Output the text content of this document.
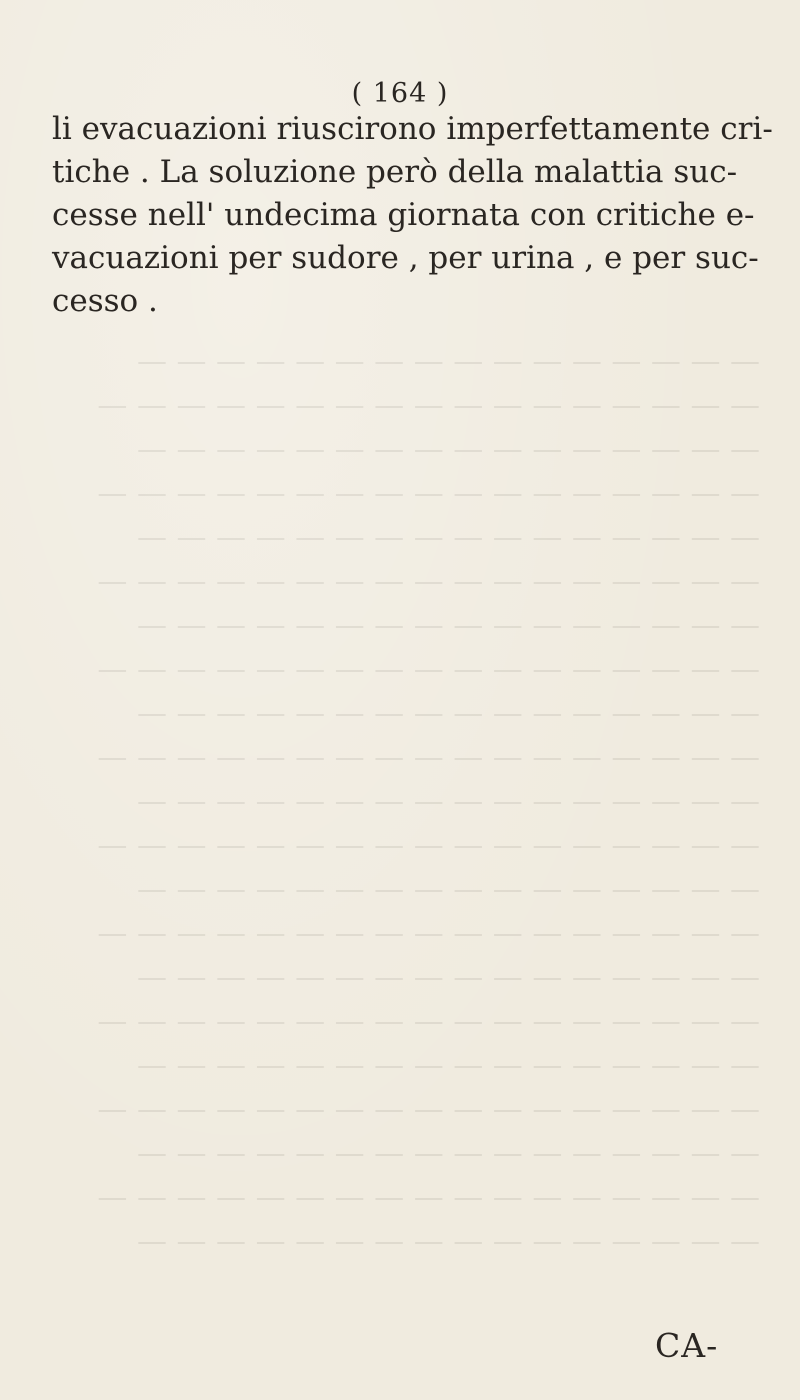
— — — — — — — — — — — — — — — —
— — — — — — — — — — — — — — — — —
— — — — — — — — — — — — — — — —
— — — — — — — — — — — — — — — — —
— — — — — — — — — — — — — — — —
— — — — — — — — — — — — — — — — —
— — — — — — — — — — — — — — — —
— — — — — — — — — — — — — — — — —
— — — — — — — — — — — — — — — —
— — — — — — — — — — — — — — — — —
— — — — — — — — — — — — — — — —
— — — — — — — — — — — — — — — — —
— — — — — — — — — — — — — — — —
— — — — — — — — — — — — — — — — —
— — — — — — — — — — — — — — — —
— — — — — — — — — — — — — — — — —
— — — — — — — — — — — — — — — —
— — — — — — — — — — — — — — — — —
— — — — — — — — — — — — — — — —
— — — — — — — — — — — — — — — — —
— — — — — — — — — — — — — — — —
( 164 )
li evacuazioni riuscirono imperfettamente cri-
tiche . La soluzione però della malattia suc-
cesse nell' undecima giornata con critiche e-
vacuazioni per sudore , per urina , e per suc-
cesso .
CA-
